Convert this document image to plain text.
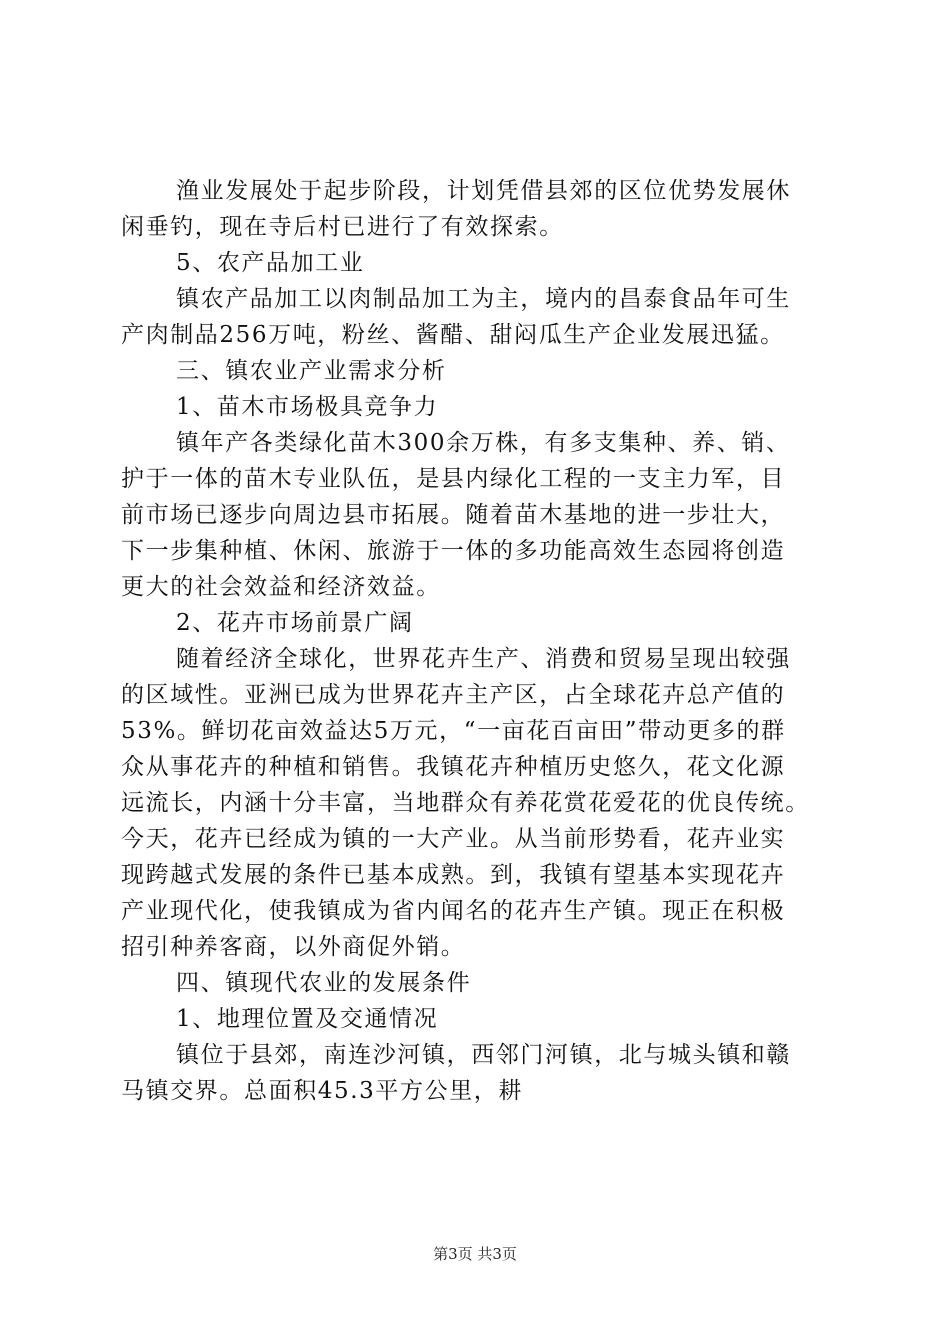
渔业发展处于起步阶段，计划凭借县郊的区位优势发展休
闲垂钓，现在寺后村已进行了有效探索。
5、农产品加工业
镇农产品加工以肉制品加工为主，境内的昌泰食品年可生
产肉制品256万吨，粉丝、酱醋、甜闷瓜生产企业发展迅猛。
三、镇农业产业需求分析
1、苗木市场极具竞争力
镇年产各类绿化苗木300余万株，有多支集种、养、销、
护于一体的苗木专业队伍，是县内绿化工程的一支主力军，目
前市场已逐步向周边县市拓展。随着苗木基地的进一步壮大，
下一步集种植、休闲、旅游于一体的多功能高效生态园将创造
更大的社会效益和经济效益。
2、花卉市场前景广阔
随着经济全球化，世界花卉生产、消费和贸易呈现出较强
的区域性。亚洲已成为世界花卉主产区，占全球花卉总产值的
53%。鲜切花亩效益达5万元，“一亩花百亩田”带动更多的群
众从事花卉的种植和销售。我镇花卉种植历史悠久，花文化源
远流长，内涵十分丰富，当地群众有养花赏花爱花的优良传统。
今天，花卉已经成为镇的一大产业。从当前形势看，花卉业实
现跨越式发展的条件已基本成熟。到，我镇有望基本实现花卉
产业现代化，使我镇成为省内闻名的花卉生产镇。现正在积极
招引种养客商，以外商促外销。
四、镇现代农业的发展条件
1、地理位置及交通情况
镇位于县郊，南连沙河镇，西邻门河镇，北与城头镇和赣
马镇交界。总面积45.3平方公里，耕
第3页 共3页
